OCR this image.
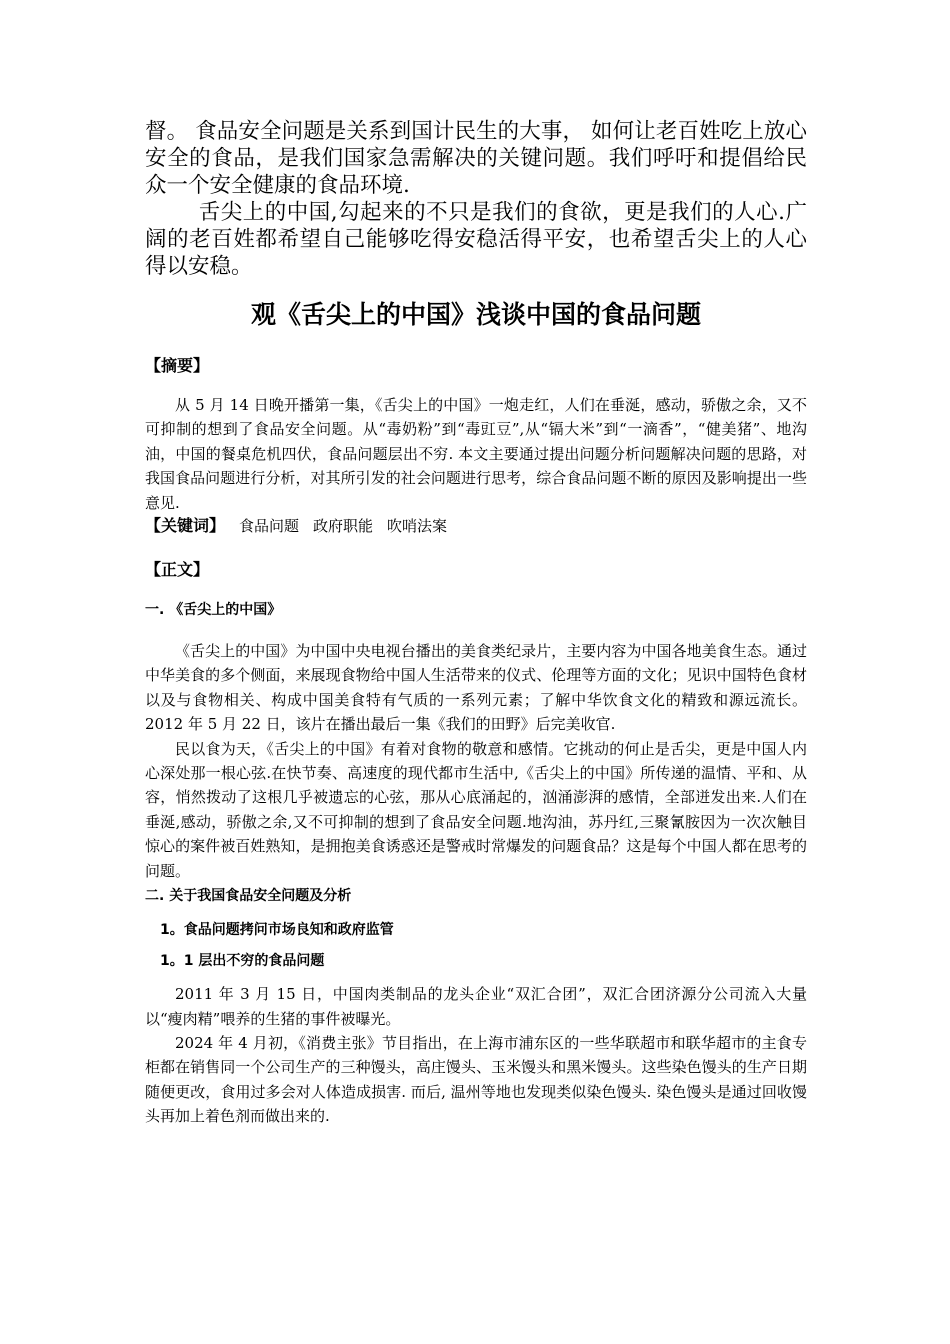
督。 食品安全问题是关系到国计民生的大事， 如何让老百姓吃上放心 安全的食品，是我们国家急需解决的关键问题。我们呼吁和提倡给民 众一个安全健康的食品环境.

舌尖上的中国,勾起来的不只是我们的食欲，更是我们的人心.广阔的老百姓都希望自己能够吃得安稳活得平安，也希望舌尖上的人心得以安稳。

观《舌尖上的中国》浅谈中国的食品问题
【摘要】

从 5 月 14 日晚开播第一集，《舌尖上的中国》一炮走红，人们在垂涎，感动，骄傲之余，又不可抑制的想到了食品安全问题。从“毒奶粉”到“毒豇豆”,从“镉大米”到“一滴香”，“健美猪”、地沟油，中国的餐桌危机四伏，食品问题层出不穷. 本文主要通过提出问题分析问题解决问题的思路，对我国食品问题进行分析，对其所引发的社会问题进行思考，综合食品问题不断的原因及影响提出一些意见.

【关键词】 食品问题 政府职能 吹哨法案
【正文】
一. 《舌尖上的中国》

《舌尖上的中国》为中国中央电视台播出的美食类纪录片，主要内容为中国各地美食生态。通过中华美食的多个侧面，来展现食物给中国人生活带来的仪式、伦理等方面的文化；见识中国特色食材以及与食物相关、构成中国美食特有气质的一系列元素；了解中华饮食文化的精致和源远流长。2012 年 5 月 22 日，该片在播出最后一集《我们的田野》后完美收官.

民以食为天，《舌尖上的中国》有着对食物的敬意和感情。它挑动的何止是舌尖，更是中国人内心深处那一根心弦.在快节奏、高速度的现代都市生活中,《舌尖上的中国》所传递的温情、平和、从容，悄然拨动了这根几乎被遗忘的心弦，那从心底涌起的，汹涌澎湃的感情，全部迸发出来.人们在垂涎,感动，骄傲之余,又不可抑制的想到了食品安全问题.地沟油，苏丹红,三聚氰胺因为一次次触目惊心的案件被百姓熟知，是拥抱美食诱惑还是警戒时常爆发的问题食品？这是每个中国人都在思考的问题。

二. 关于我国食品安全问题及分析
1。食品问题拷问市场良知和政府监管
1。1 层出不穷的食品问题

2011 年 3 月 15 日，中国肉类制品的龙头企业“双汇合团”，双汇合团济源分公司流入大量以“瘦肉精”喂养的生猪的事件被曝光。

2024 年 4 月初，《消费主张》节目指出，在上海市浦东区的一些华联超市和联华超市的主食专柜都在销售同一个公司生产的三种馒头，高庄馒头、玉米馒头和黑米馒头。这些染色馒头的生产日期随便更改，食用过多会对人体造成损害. 而后, 温州等地也发现类似染色馒头. 染色馒头是通过回收馒头再加上着色剂而做出来的.
